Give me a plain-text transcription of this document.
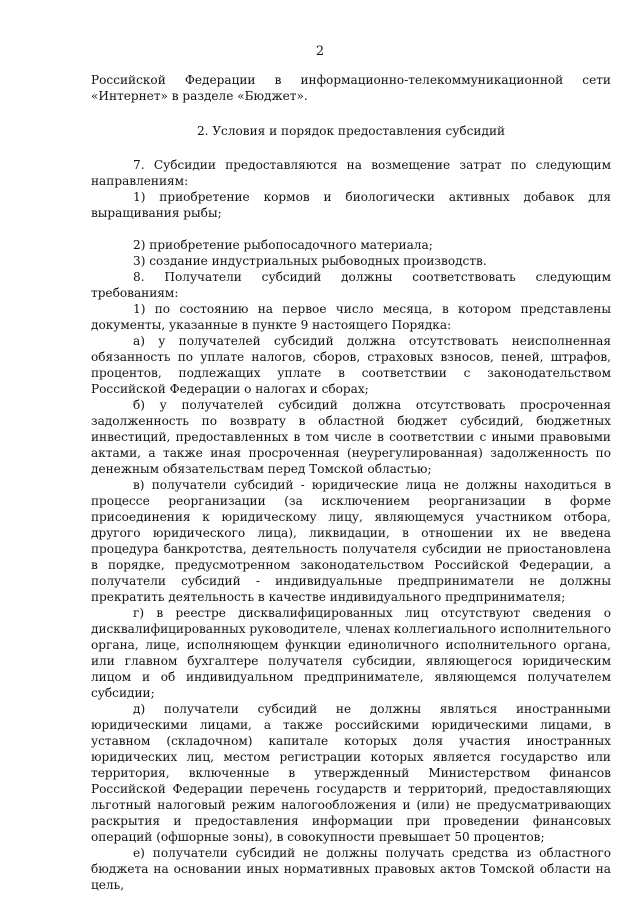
2

Российской Федерации в информационно-телекоммуникационной сети «Интернет» в разделе «Бюджет».

2. Условия и порядок предоставления субсидий

7. Субсидии предоставляются на возмещение затрат по следующим направлениям:

1) приобретение кормов и биологически активных добавок для выращивания рыбы;

2) приобретение рыбопосадочного материала;

3) создание индустриальных рыбоводных производств.

8. Получатели субсидий должны соответствовать следующим требованиям:

1) по состоянию на первое число месяца, в котором представлены документы, указанные в пункте 9 настоящего Порядка:

а) у получателей субсидий должна отсутствовать неисполненная обязанность по уплате налогов, сборов, страховых взносов, пеней, штрафов, процентов, подлежащих уплате в соответствии с законодательством Российской Федерации о налогах и сборах;

б) у получателей субсидий должна отсутствовать просроченная задолженность по возврату в областной бюджет субсидий, бюджетных инвестиций, предоставленных в том числе в соответствии с иными правовыми актами, а также иная просроченная (неурегулированная) задолженность по денежным обязательствам перед Томской областью;

в) получатели субсидий - юридические лица не должны находиться в процессе реорганизации (за исключением реорганизации в форме присоединения к юридическому лицу, являющемуся участником отбора, другого юридического лица), ликвидации, в отношении их не введена процедура банкротства, деятельность получателя субсидии не приостановлена в порядке, предусмотренном законодательством Российской Федерации, а получатели субсидий - индивидуальные предприниматели не должны прекратить деятельность в качестве индивидуального предпринимателя;

г) в реестре дисквалифицированных лиц отсутствуют сведения о дисквалифицированных руководителе, членах коллегиального исполнительного органа, лице, исполняющем функции единоличного исполнительного органа, или главном бухгалтере получателя субсидии, являющегося юридическим лицом и об индивидуальном предпринимателе, являющемся получателем субсидии;

д) получатели субсидий не должны являться иностранными юридическими лицами, а также российскими юридическими лицами, в уставном (складочном) капитале которых доля участия иностранных юридических лиц, местом регистрации которых является государство или территория, включенные в утвержденный Министерством финансов Российской Федерации перечень государств и территорий, предоставляющих льготный налоговый режим налогообложения и (или) не предусматривающих раскрытия и предоставления информации при проведении финансовых операций (офшорные зоны), в совокупности превышает 50 процентов;

е) получатели субсидий не должны получать средства из областного бюджета на основании иных нормативных правовых актов Томской области на цель,
